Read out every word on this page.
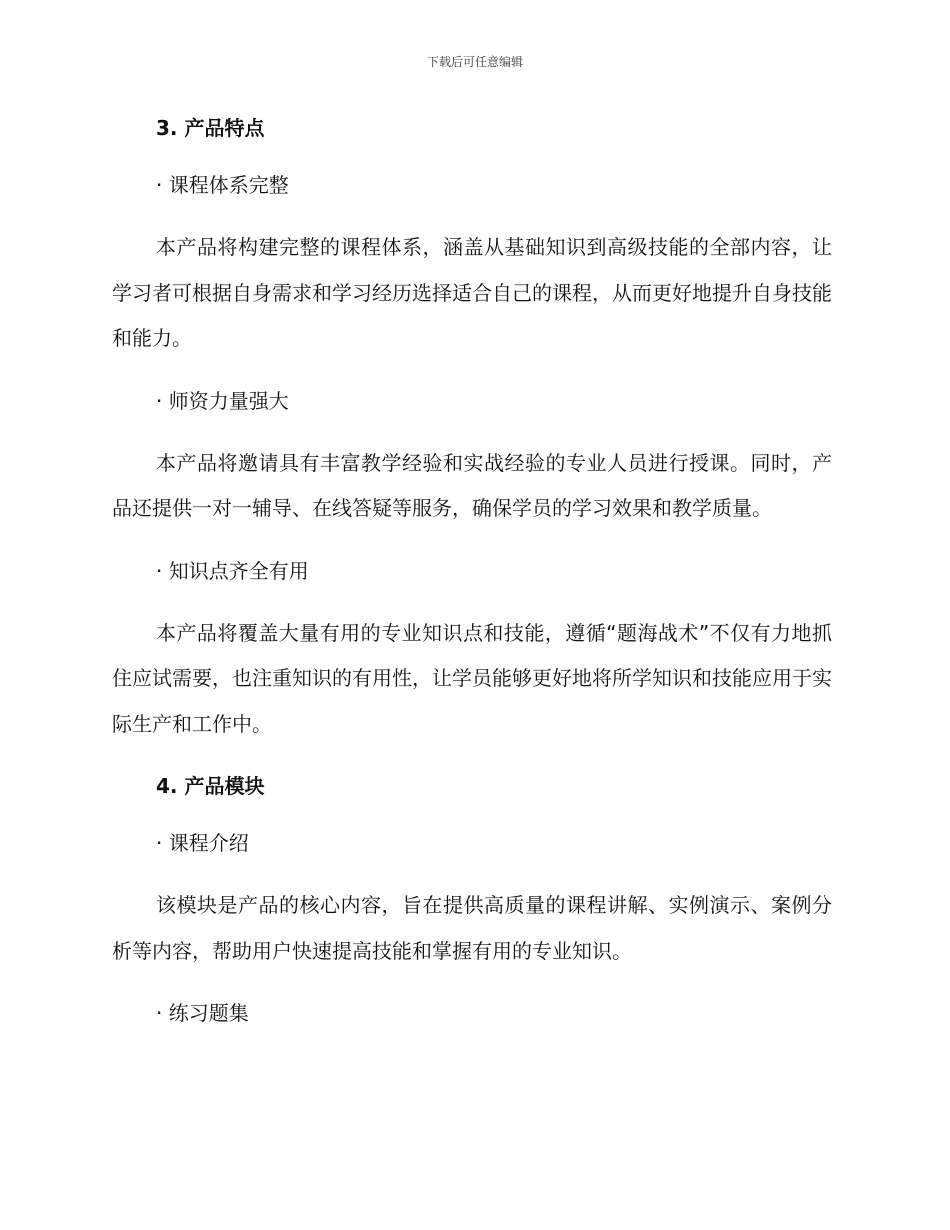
下载后可任意编辑
3. 产品特点
· 课程体系完整

本产品将构建完整的课程体系，涵盖从基础知识到高级技能的全部内容，让学习者可根据自身需求和学习经历选择适合自己的课程，从而更好地提升自身技能和能力。

· 师资力量强大

本产品将邀请具有丰富教学经验和实战经验的专业人员进行授课。同时，产品还提供一对一辅导、在线答疑等服务，确保学员的学习效果和教学质量。

· 知识点齐全有用

本产品将覆盖大量有用的专业知识点和技能，遵循“题海战术”不仅有力地抓住应试需要，也注重知识的有用性，让学员能够更好地将所学知识和技能应用于实际生产和工作中。

4. 产品模块
· 课程介绍

该模块是产品的核心内容，旨在提供高质量的课程讲解、实例演示、案例分析等内容，帮助用户快速提高技能和掌握有用的专业知识。

· 练习题集
